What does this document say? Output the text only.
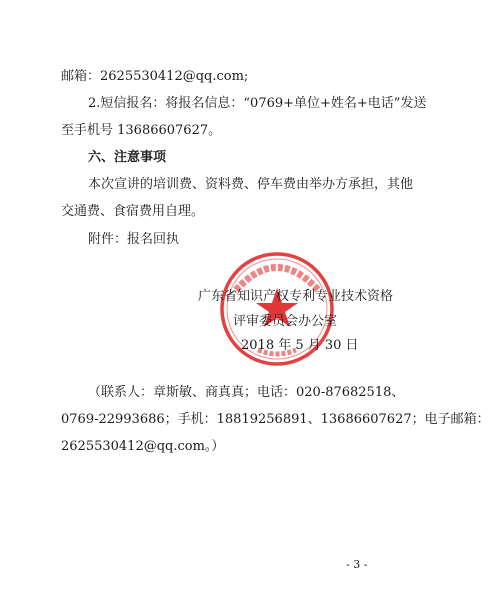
邮箱：2625530412@qq.com;
2.短信报名：将报名信息：“0769+单位+姓名+电话”发送
至手机号 13686607627。
六、注意事项
本次宣讲的培训费、资料费、停车费由举办方承担，其他
交通费、食宿费用自理。
附件：报名回执
广东省知识产权专利专业技术资格
评审委员会办公室
2018 年 5 月 30 日
（联系人：章斯敏、商真真；电话：020-87682518、
0769-22993686；手机：18819256891、13686607627；电子邮箱：
2625530412@qq.com。）
- 3 -
